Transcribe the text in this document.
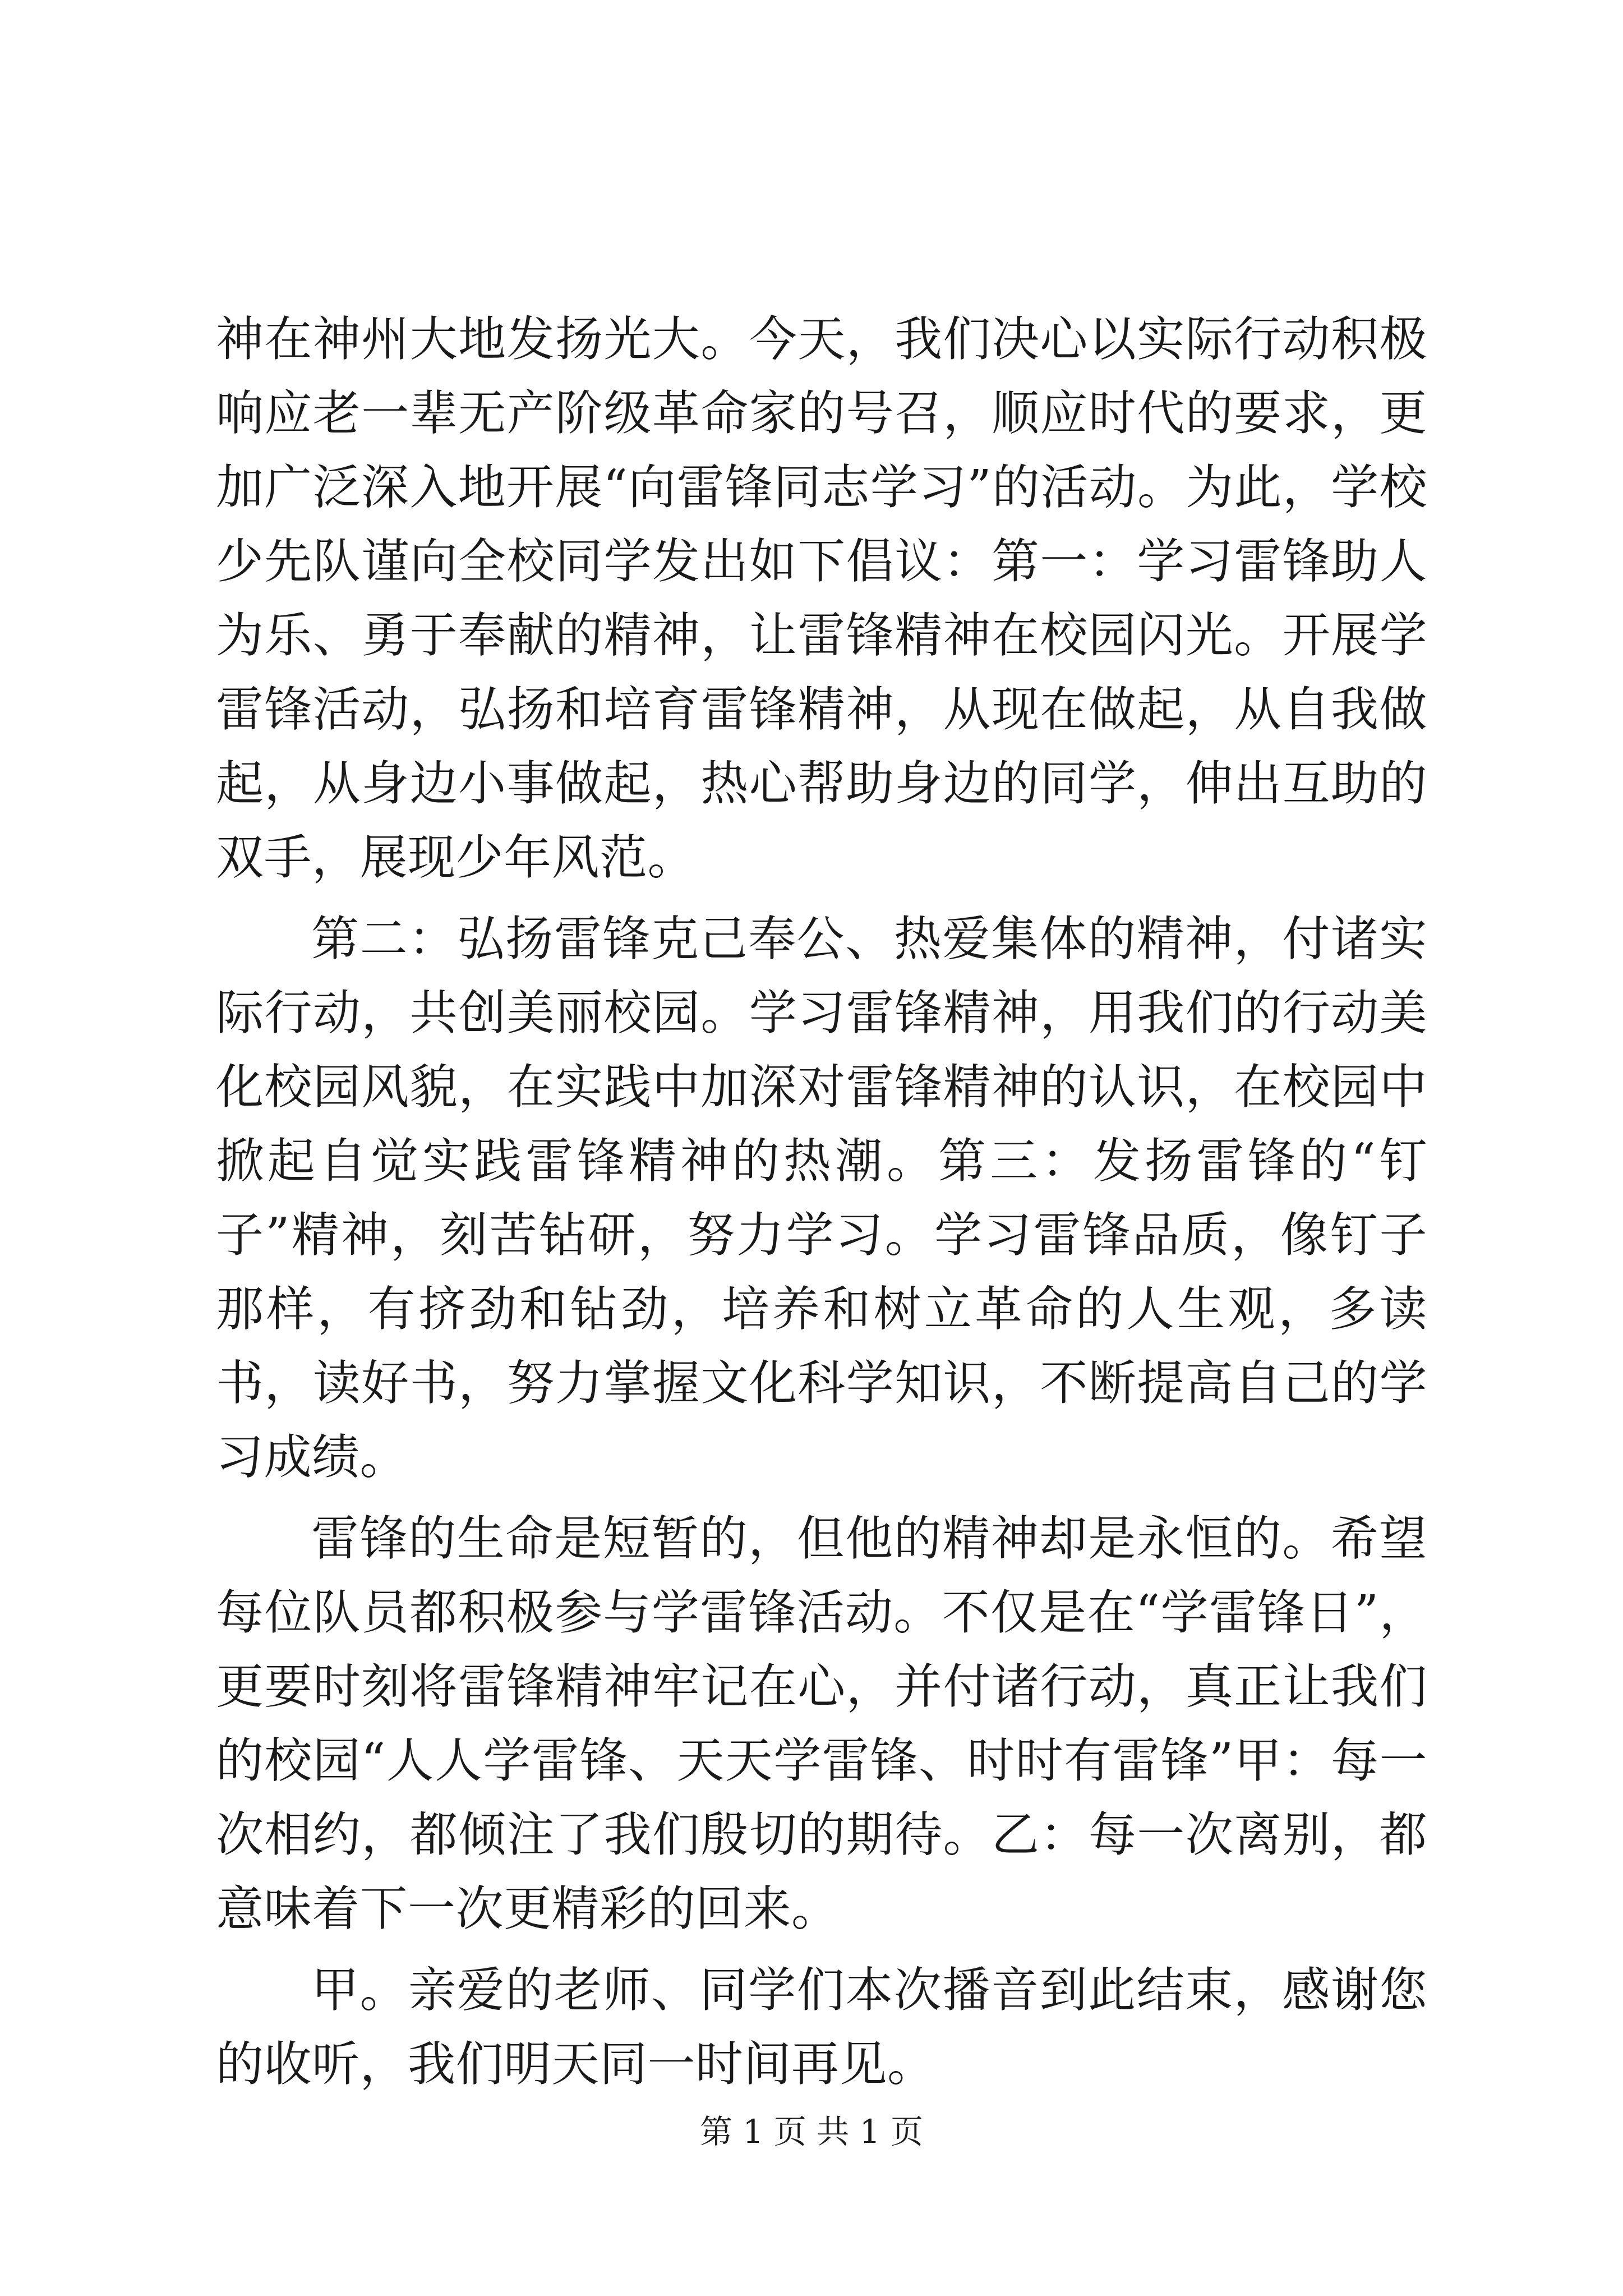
神在神州大地发扬光大。今天，我们决心以实际行动积极响应老一辈无产阶级革命家的号召，顺应时代的要求，更加广泛深入地开展“向雷锋同志学习”的活动。为此，学校少先队谨向全校同学发出如下倡议：第一：学习雷锋助人为乐、勇于奉献的精神，让雷锋精神在校园闪光。开展学雷锋活动，弘扬和培育雷锋精神，从现在做起，从自我做起，从身边小事做起，热心帮助身边的同学，伸出互助的双手，展现少年风范。

第二：弘扬雷锋克己奉公、热爱集体的精神，付诸实际行动，共创美丽校园。学习雷锋精神，用我们的行动美化校园风貌，在实践中加深对雷锋精神的认识，在校园中掀起自觉实践雷锋精神的热潮。第三：发扬雷锋的“钉子”精神，刻苦钻研，努力学习。学习雷锋品质，像钉子那样，有挤劲和钻劲，培养和树立革命的人生观，多读书，读好书，努力掌握文化科学知识，不断提高自己的学习成绩。

雷锋的生命是短暂的，但他的精神却是永恒的。希望每位队员都积极参与学雷锋活动。不仅是在“学雷锋日”，更要时刻将雷锋精神牢记在心，并付诸行动，真正让我们的校园“人人学雷锋、天天学雷锋、时时有雷锋”甲：每一次相约，都倾注了我们殷切的期待。乙：每一次离别，都意味着下一次更精彩的回来。

甲。亲爱的老师、同学们本次播音到此结束，感谢您的收听，我们明天同一时间再见。

第 1 页 共 1 页
